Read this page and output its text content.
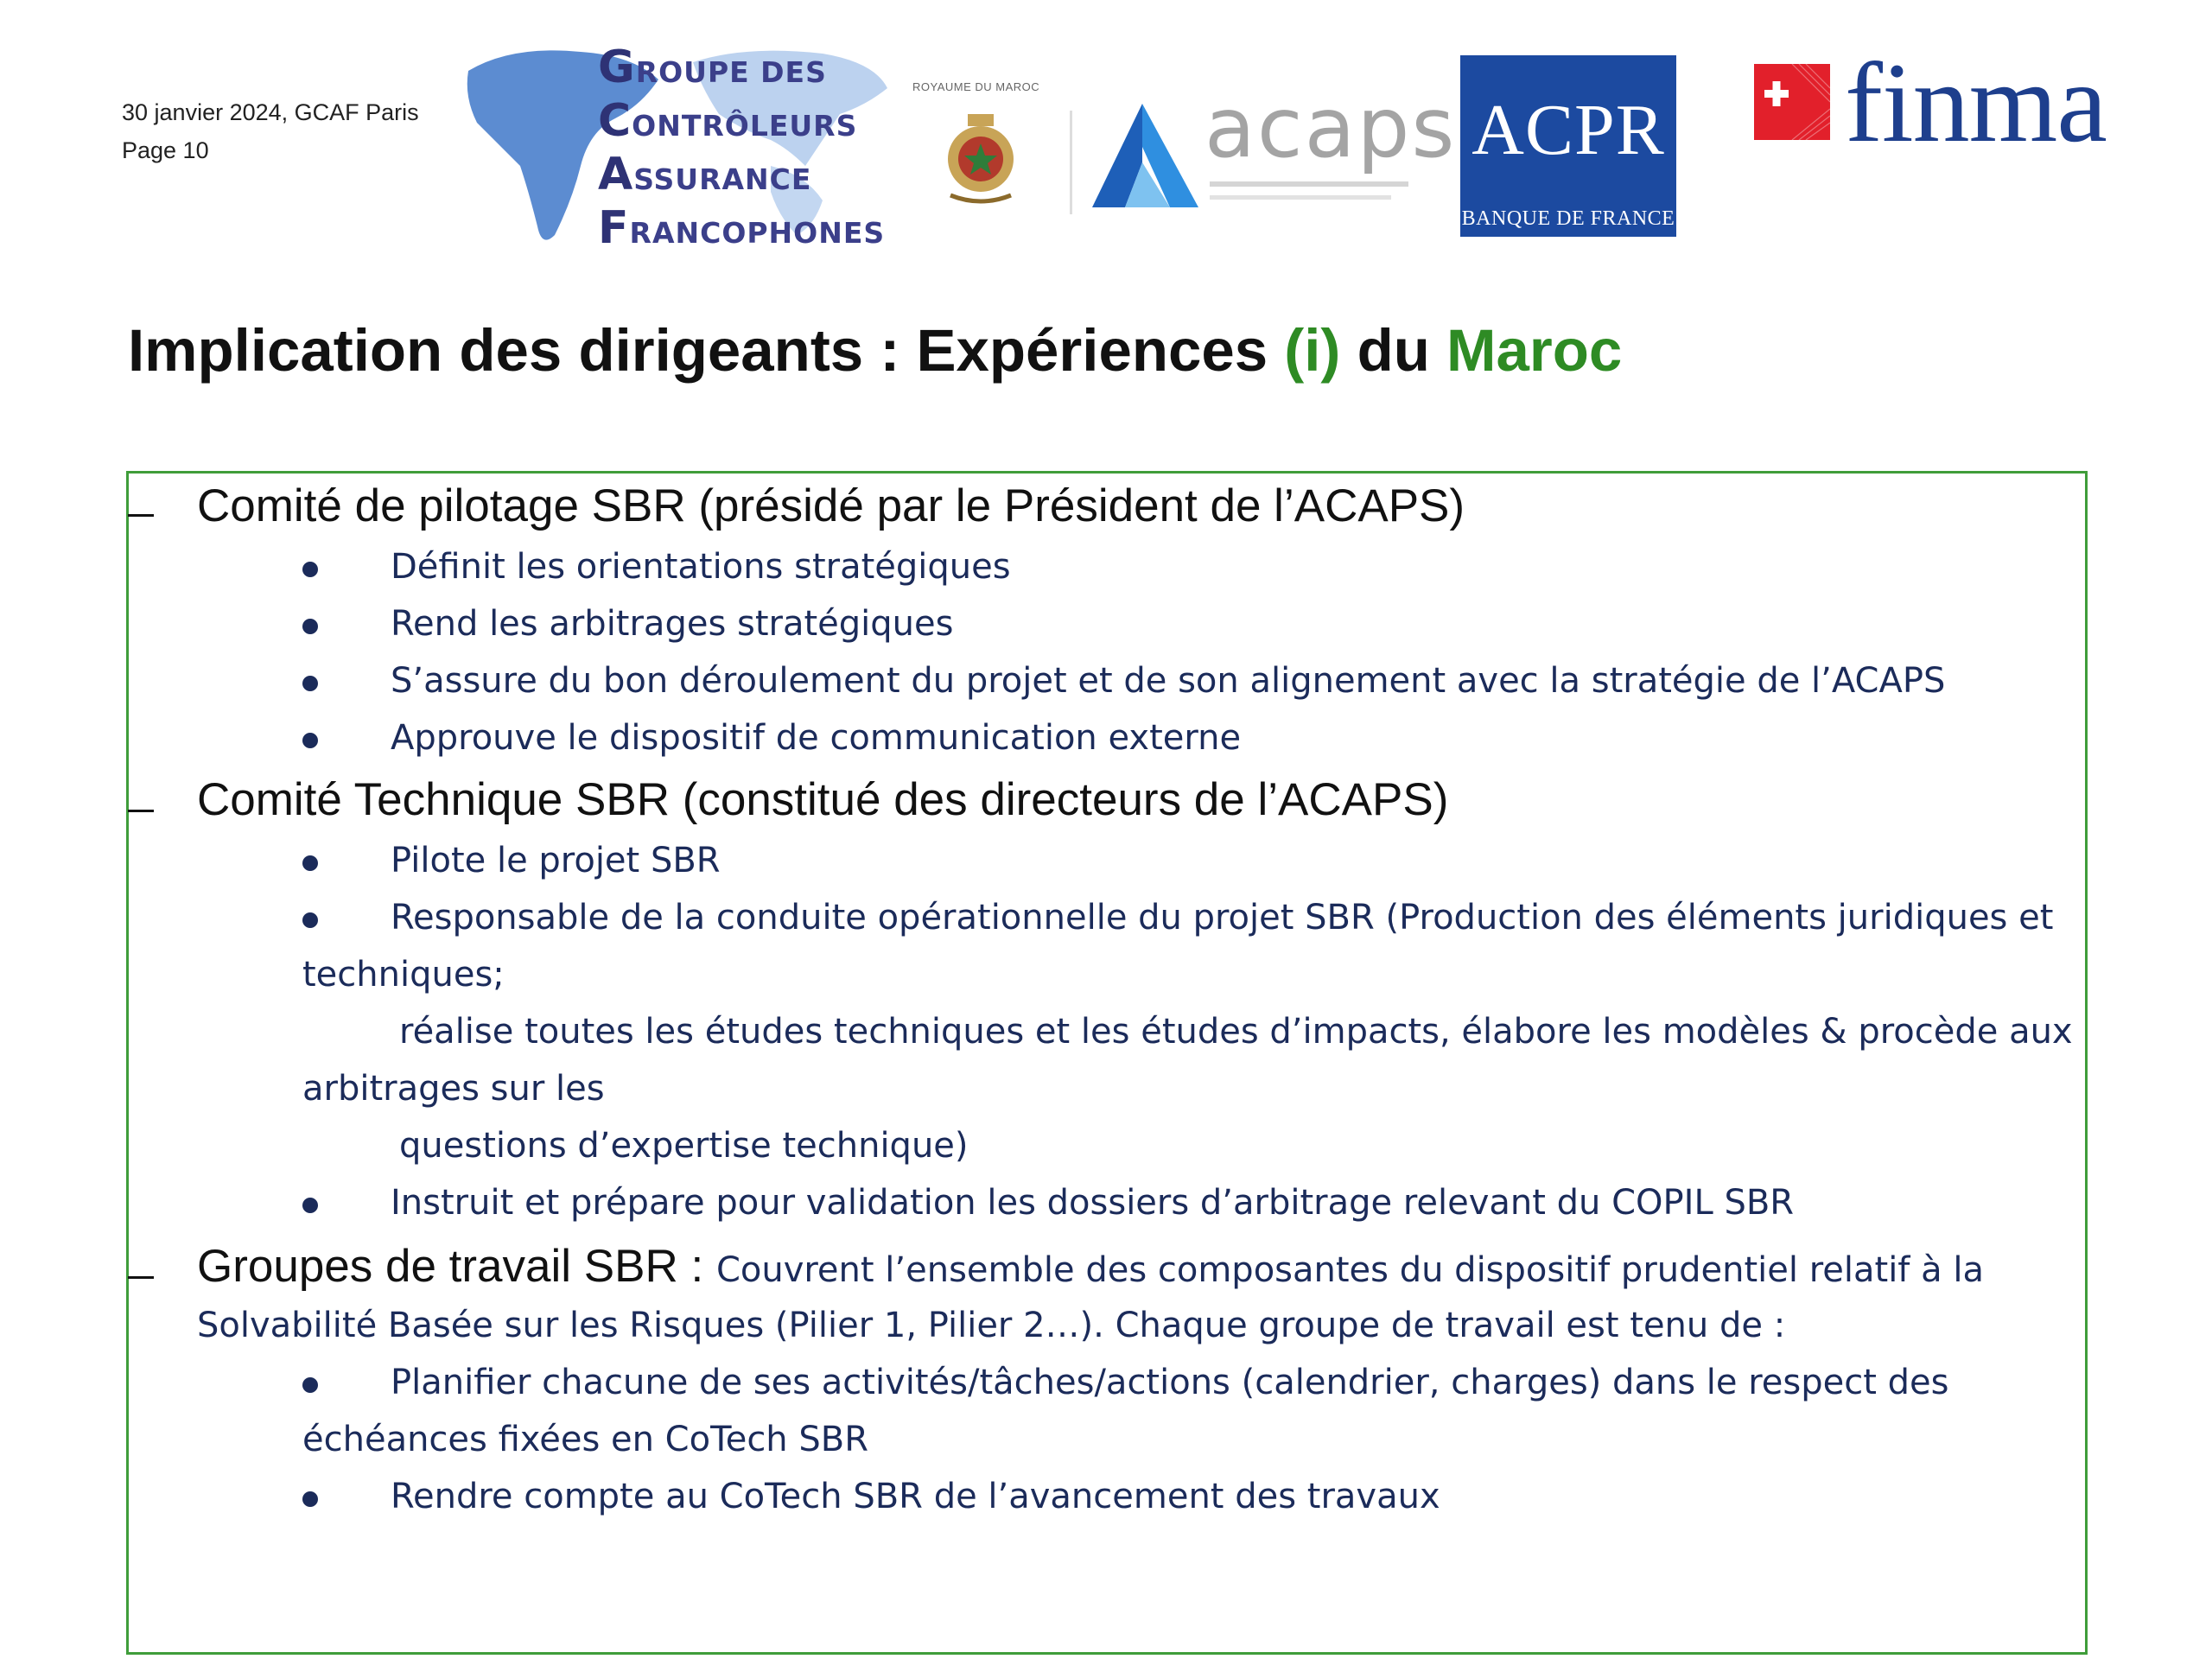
30 janvier 2024, GCAF Paris
Page 10
GROUPE DES
CONTRÔLEURS
ASSURANCE
FRANCOPHONES
ROYAUME DU MAROC acaps ACPR
BANQUE DE FRANCE
finma
Implication des dirigeants : Expériences (i) du Maroc
Comité de pilotage SBR (présidé par le Président de l’ACAPS)
Définit les orientations stratégiques
Rend les arbitrages stratégiques
S’assure du bon déroulement du projet et de son alignement avec la stratégie de l’ACAPS
Approuve le dispositif de communication externe
Comité Technique SBR (constitué des directeurs de l’ACAPS)
Pilote le projet SBR
Responsable de la conduite opérationnelle du projet SBR (Production des éléments juridiques et
techniques;
réalise toutes les études techniques et les études d’impacts, élabore les modèles & procède aux
arbitrages sur les
questions d’expertise technique)
Instruit et prépare pour validation les dossiers d’arbitrage relevant du COPIL SBR
Groupes de travail SBR : Couvrent l’ensemble des composantes du dispositif prudentiel relatif à la
Solvabilité Basée sur les Risques (Pilier 1, Pilier 2…). Chaque groupe de travail est tenu de :
Planifier chacune de ses activités/tâches/actions (calendrier, charges) dans le respect des
échéances fixées en CoTech SBR
Rendre compte au CoTech SBR de l’avancement des travaux
